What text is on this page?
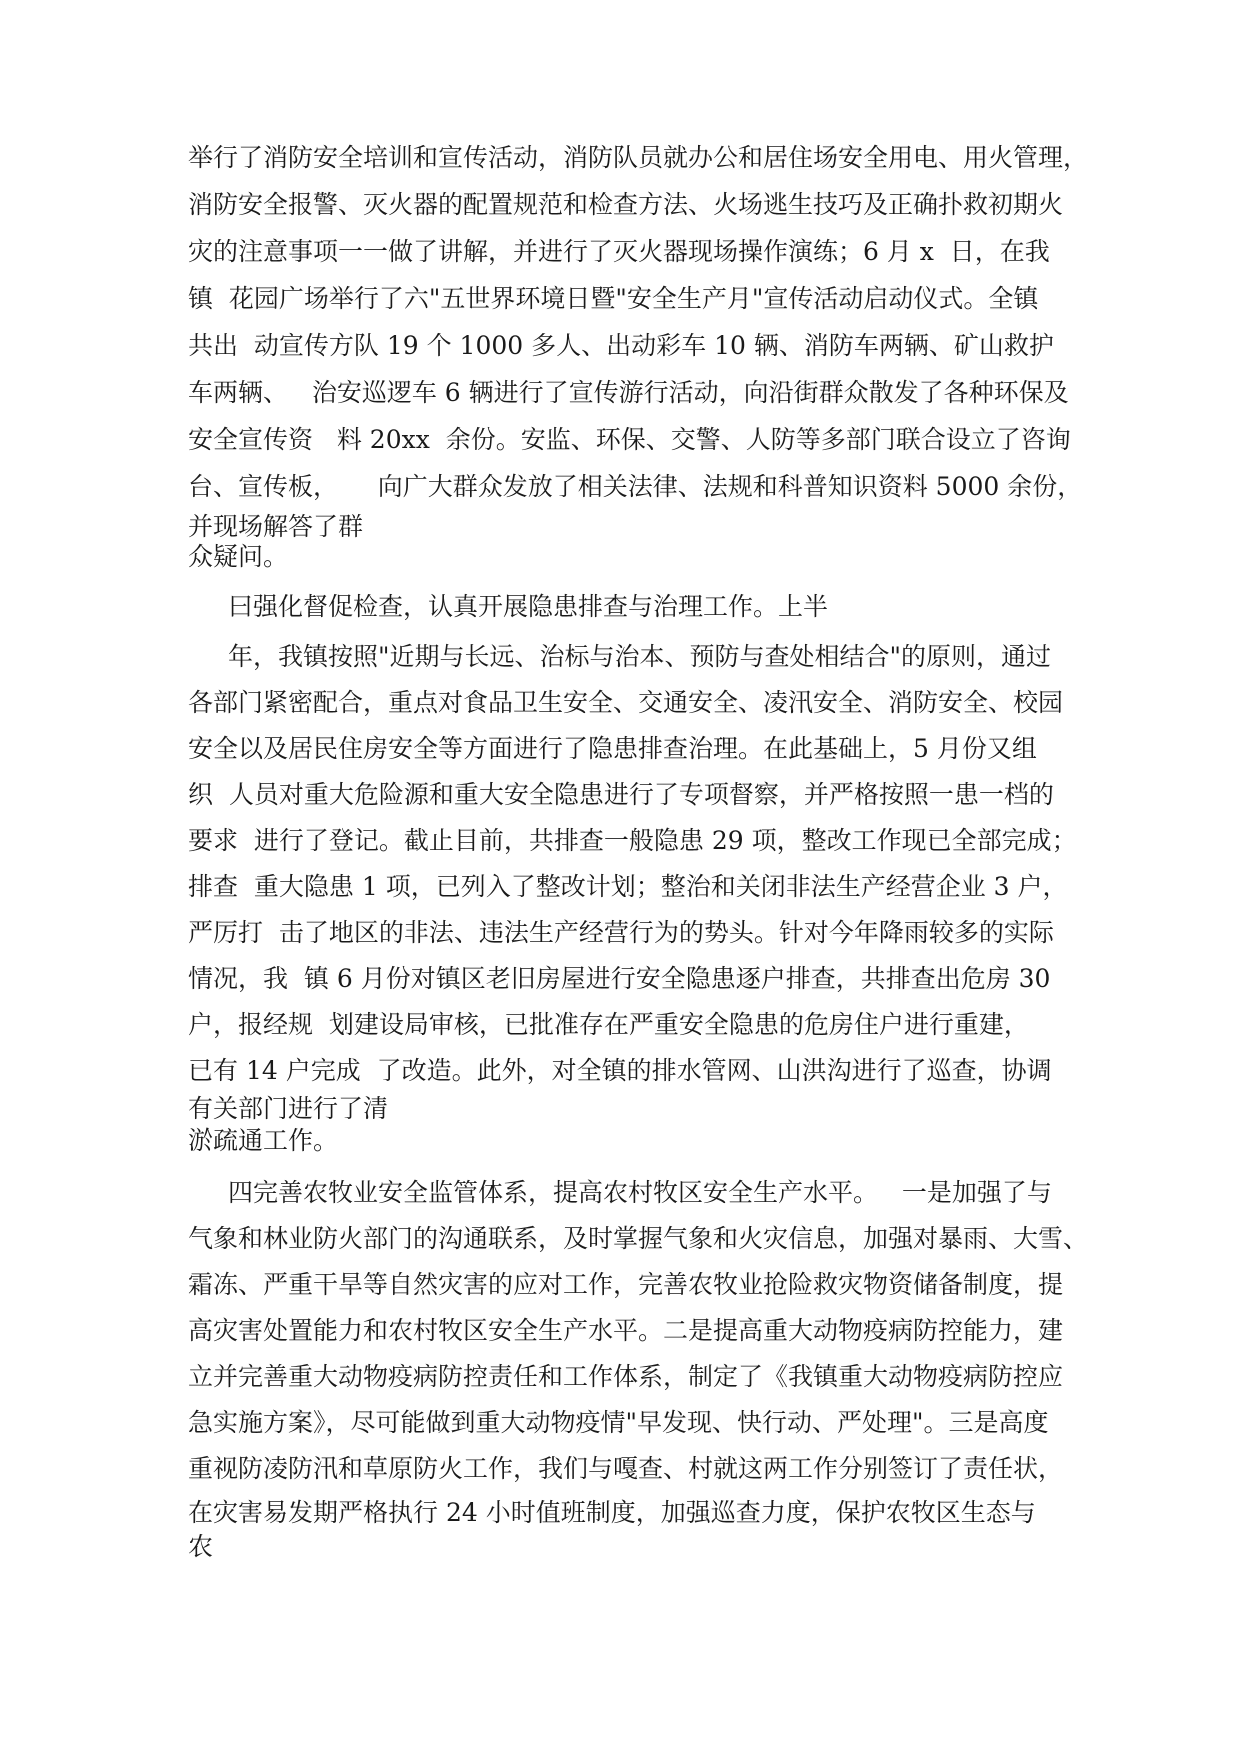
举行了消防安全培训和宣传活动，消防队员就办公和居住场安全用电、用火管理，

消防安全报警、灭火器的配置规范和检查方法、火场逃生技巧及正确扑救初期火

灾的注意事项一一做了讲解，并进行了灭火器现场操作演练；6 月 x  日，在我

镇  花园广场举行了六"五世界环境日暨"安全生产月"宣传活动启动仪式。全镇

共出  动宣传方队 19 个 1000 多人、出动彩车 10 辆、消防车两辆、矿山救护

车两辆、   治安巡逻车 6 辆进行了宣传游行活动，向沿街群众散发了各种环保及

安全宣传资   料 20xx  余份。安监、环保、交警、人防等多部门联合设立了咨询

台、宣传板，     向广大群众发放了相关法律、法规和科普知识资料 5000 余份，

并现场解答了群

众疑问。

曰强化督促检查，认真开展隐患排查与治理工作。上半

年，我镇按照"近期与长远、治标与治本、预防与查处相结合"的原则，通过

各部门紧密配合，重点对食品卫生安全、交通安全、凌汛安全、消防安全、校园

安全以及居民住房安全等方面进行了隐患排查治理。在此基础上，5 月份又组

织  人员对重大危险源和重大安全隐患进行了专项督察，并严格按照一患一档的

要求  进行了登记。截止目前，共排查一般隐患 29 项，整改工作现已全部完成；

排查  重大隐患 1 项，已列入了整改计划；整治和关闭非法生产经营企业 3 户，

严厉打  击了地区的非法、违法生产经营行为的势头。针对今年降雨较多的实际

情况，我  镇 6 月份对镇区老旧房屋进行安全隐患逐户排查，共排查出危房 30

户，报经规  划建设局审核，已批准存在严重安全隐患的危房住户进行重建，

已有 14 户完成  了改造。此外，对全镇的排水管网、山洪沟进行了巡查，协调

有关部门进行了清

淤疏通工作。

四完善农牧业安全监管体系，提高农村牧区安全生产水平。   一是加强了与

气象和林业防火部门的沟通联系，及时掌握气象和火灾信息，加强对暴雨、大雪、

霜冻、严重干旱等自然灾害的应对工作，完善农牧业抢险救灾物资储备制度，提

高灾害处置能力和农村牧区安全生产水平。二是提高重大动物疫病防控能力，建

立并完善重大动物疫病防控责任和工作体系，制定了《我镇重大动物疫病防控应

急实施方案》，尽可能做到重大动物疫情"早发现、快行动、严处理"。三是高度

重视防凌防汛和草原防火工作，我们与嘎查、村就这两工作分别签订了责任状，

在灾害易发期严格执行 24 小时值班制度，加强巡查力度，保护农牧区生态与

农
